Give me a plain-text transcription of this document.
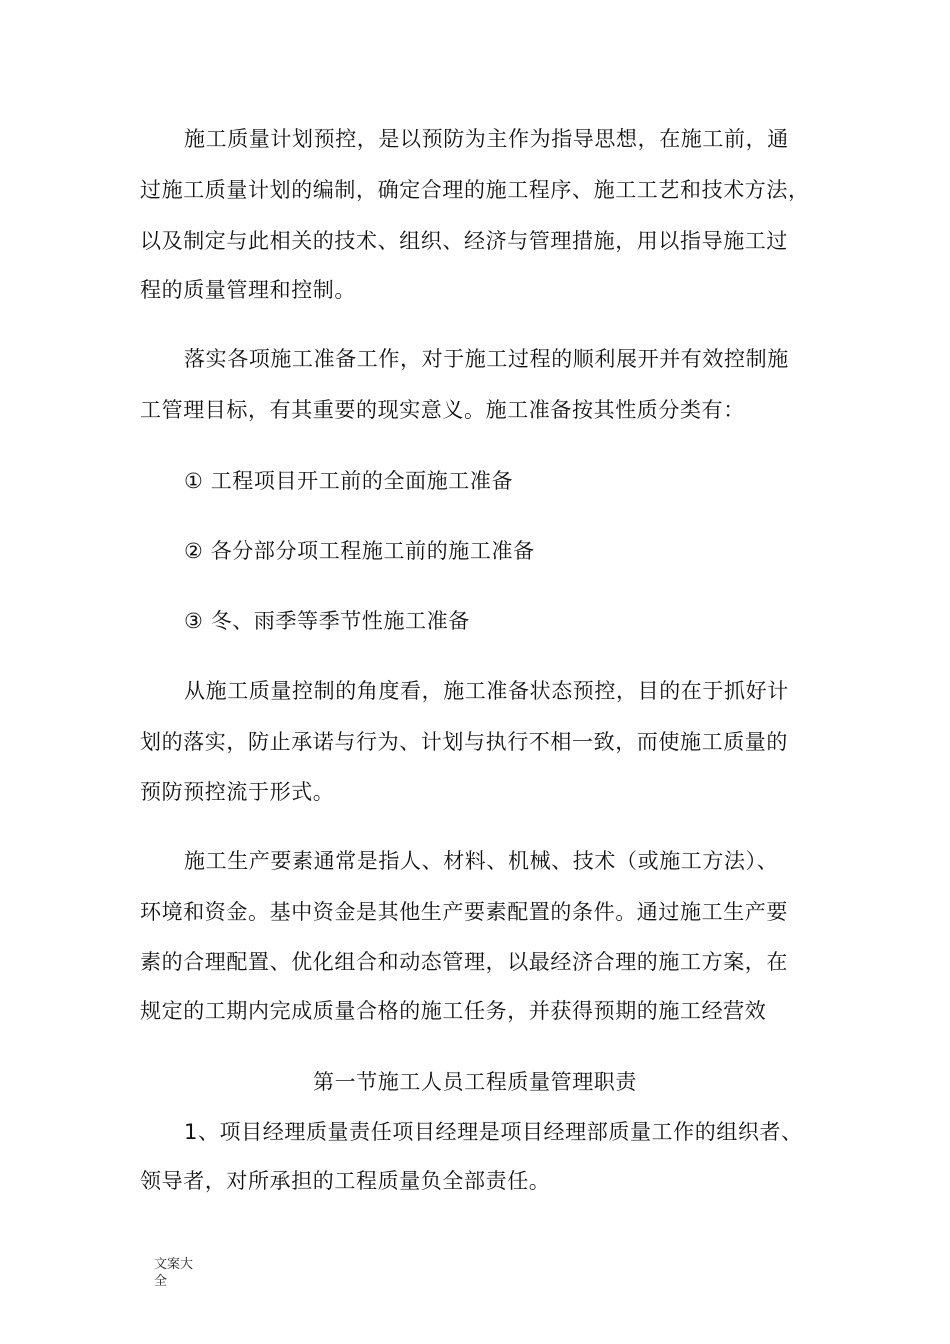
施工质量计划预控，是以预防为主作为指导思想，在施工前，通
过施工质量计划的编制，确定合理的施工程序、施工工艺和技术方法，
以及制定与此相关的技术、组织、经济与管理措施，用以指导施工过
程的质量管理和控制。
落实各项施工准备工作，对于施工过程的顺利展开并有效控制施
工管理目标，有其重要的现实意义。施工准备按其性质分类有：
① 工程项目开工前的全面施工准备
② 各分部分项工程施工前的施工准备
③ 冬、雨季等季节性施工准备
从施工质量控制的角度看，施工准备状态预控，目的在于抓好计
划的落实，防止承诺与行为、计划与执行不相一致，而使施工质量的
预防预控流于形式。
施工生产要素通常是指人、材料、机械、技术（或施工方法）、
环境和资金。基中资金是其他生产要素配置的条件。通过施工生产要
素的合理配置、优化组合和动态管理，以最经济合理的施工方案，在
规定的工期内完成质量合格的施工任务，并获得预期的施工经营效
第一节施工人员工程质量管理职责
1、项目经理质量责任项目经理是项目经理部质量工作的组织者、
领导者，对所承担的工程质量负全部责任。
文案大
全
